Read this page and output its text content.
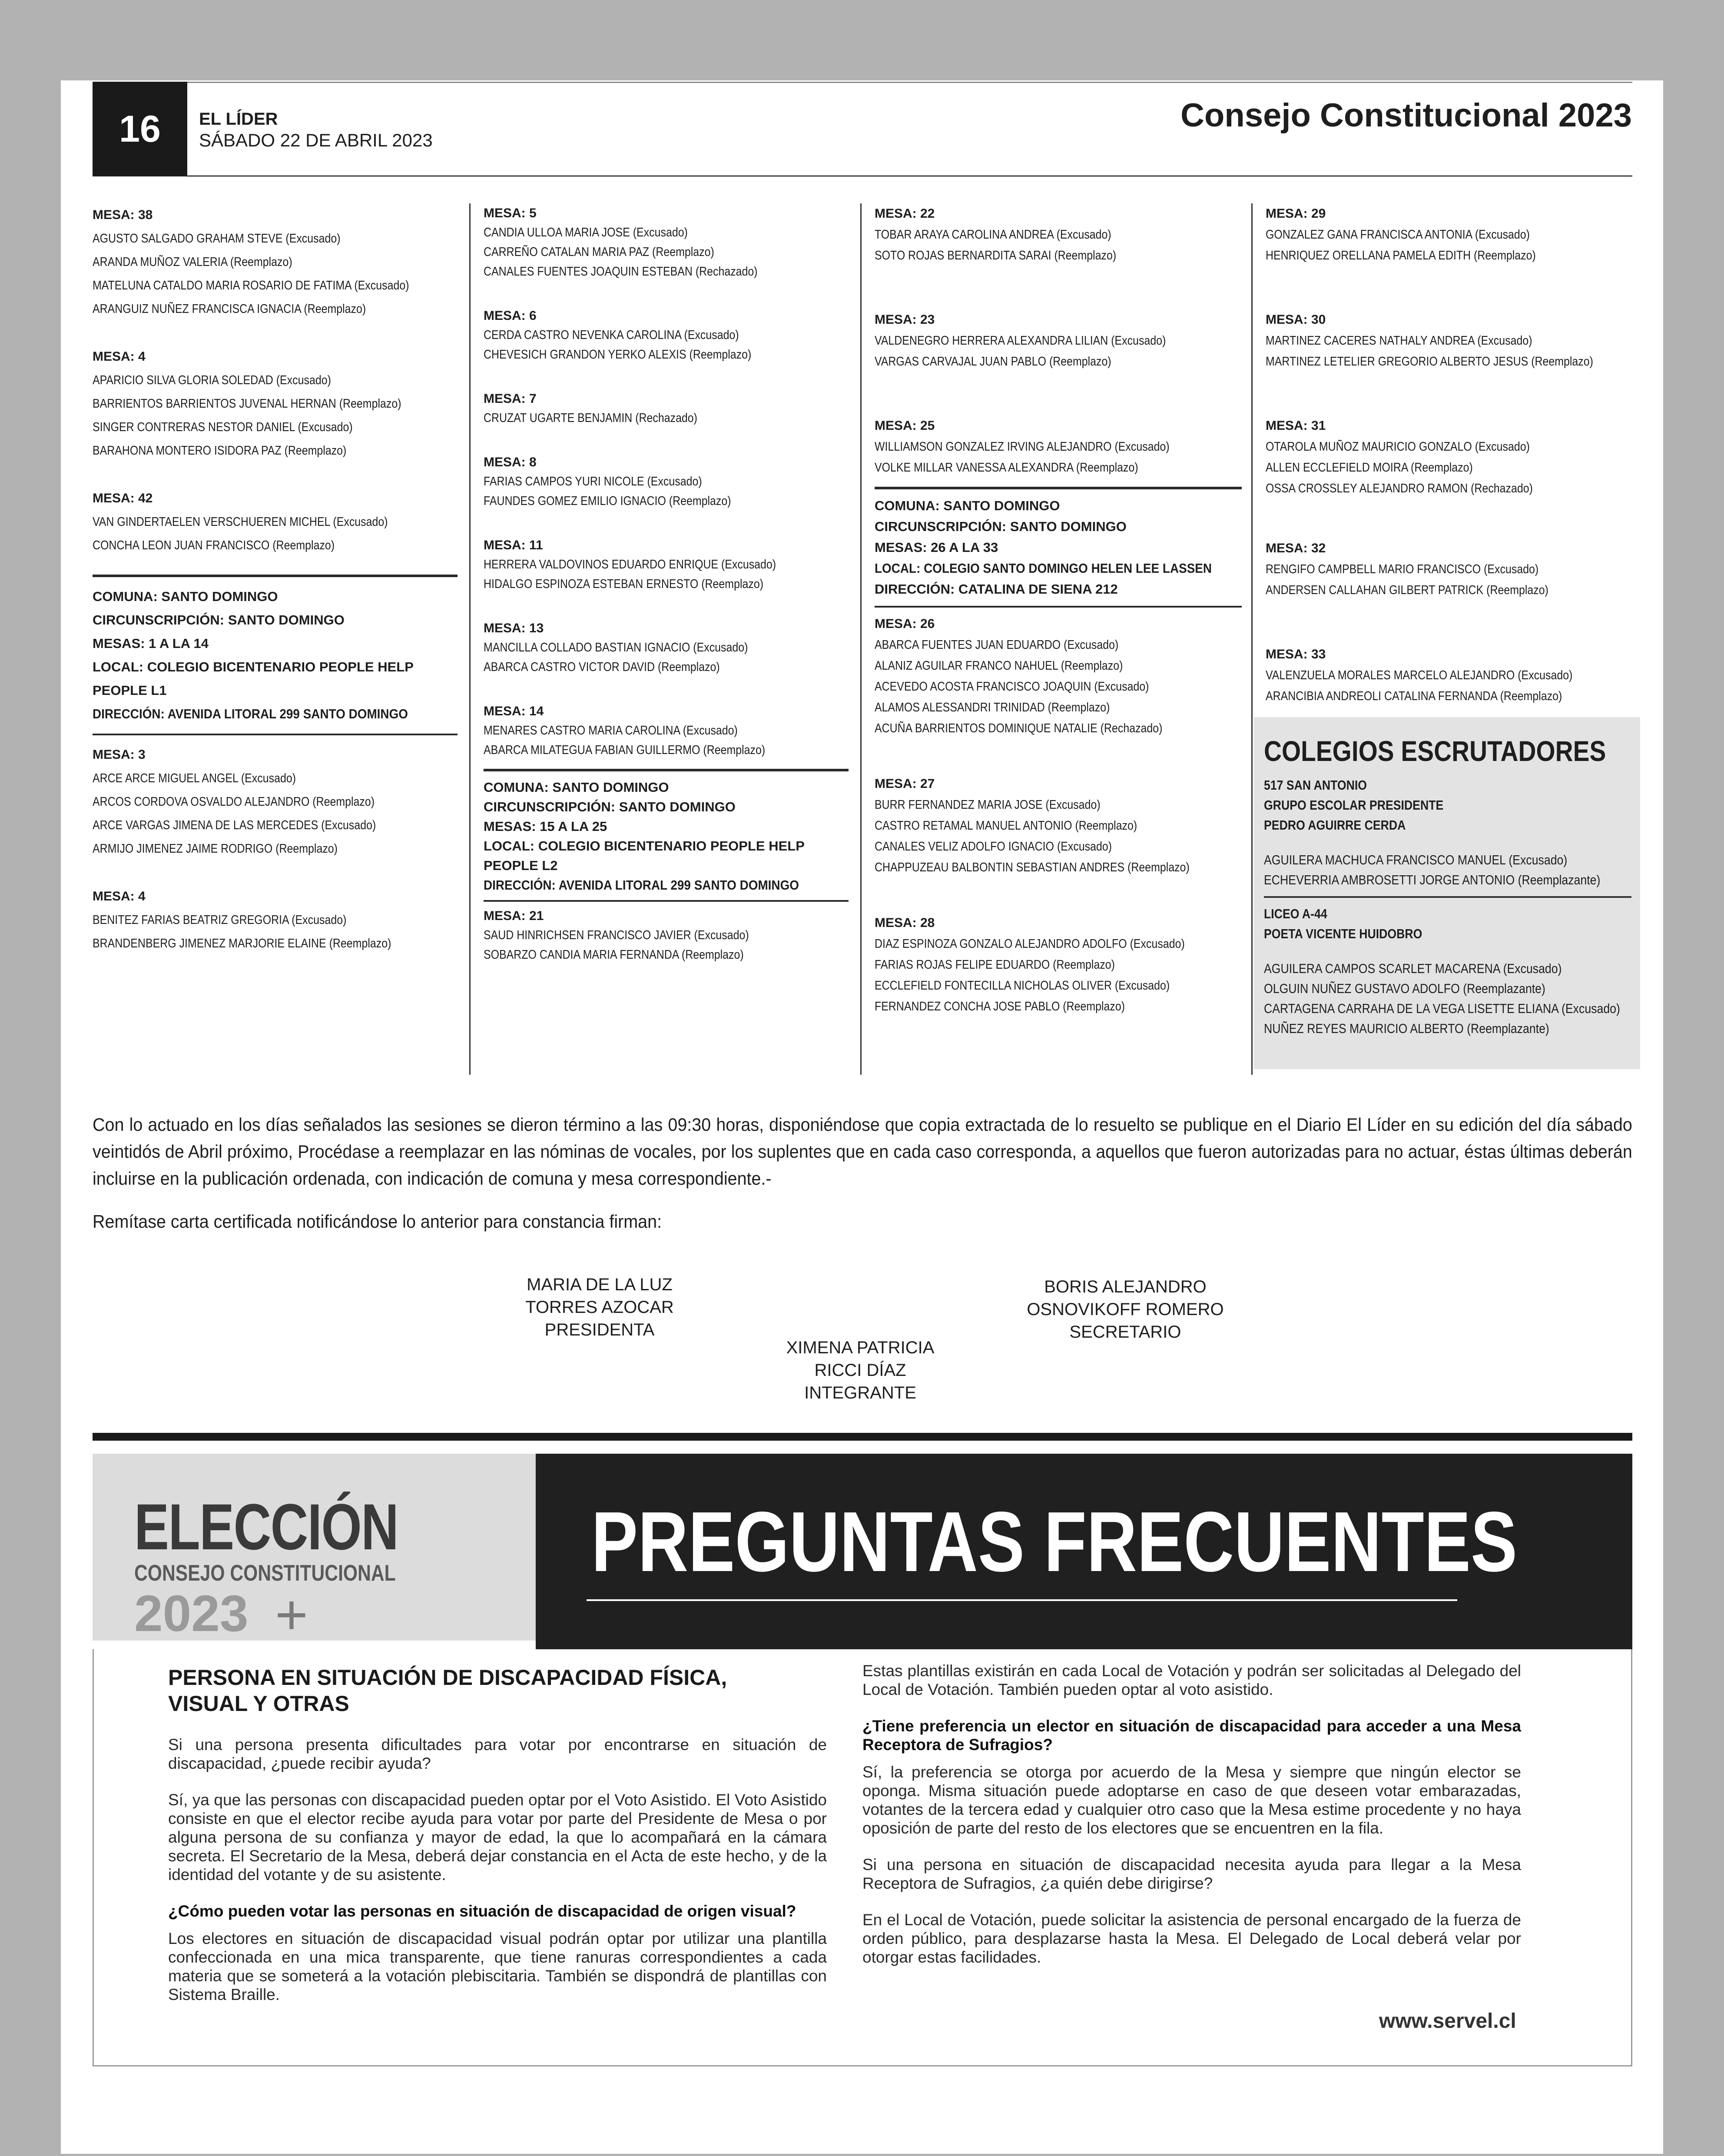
16	EL LÍDER
SÁBADO 22 DE ABRIL 2023
Consejo Constitucional 2023
MESA: 38
AGUSTO SALGADO GRAHAM STEVE (Excusado)
ARANDA MUÑOZ VALERIA (Reemplazo)
MATELUNA CATALDO MARIA ROSARIO DE FATIMA (Excusado)
ARANGUIZ NUÑEZ FRANCISCA IGNACIA (Reemplazo)
MESA: 4
APARICIO SILVA GLORIA SOLEDAD (Excusado)
BARRIENTOS BARRIENTOS JUVENAL HERNAN (Reemplazo)
SINGER CONTRERAS NESTOR DANIEL (Excusado)
BARAHONA MONTERO ISIDORA PAZ (Reemplazo)
MESA: 42
VAN GINDERTAELEN VERSCHUEREN MICHEL (Excusado)
CONCHA LEON JUAN FRANCISCO (Reemplazo)
COMUNA: SANTO DOMINGO
CIRCUNSCRIPCIÓN: SANTO DOMINGO
MESAS: 1 A LA 14
LOCAL: COLEGIO BICENTENARIO PEOPLE HELP
PEOPLE L1
DIRECCIÓN: AVENIDA LITORAL 299 SANTO DOMINGO
MESA: 3
ARCE ARCE MIGUEL ANGEL (Excusado)
ARCOS CORDOVA OSVALDO ALEJANDRO (Reemplazo)
ARCE VARGAS JIMENA DE LAS MERCEDES (Excusado)
ARMIJO JIMENEZ JAIME RODRIGO (Reemplazo)
MESA: 4
BENITEZ FARIAS BEATRIZ GREGORIA (Excusado)
BRANDENBERG JIMENEZ MARJORIE ELAINE (Reemplazo)
MESA: 5
CANDIA ULLOA MARIA JOSE (Excusado)
CARREÑO CATALAN MARIA PAZ (Reemplazo)
CANALES FUENTES JOAQUIN ESTEBAN (Rechazado)
MESA: 6
CERDA CASTRO NEVENKA CAROLINA (Excusado)
CHEVESICH GRANDON YERKO ALEXIS (Reemplazo)
MESA: 7
CRUZAT UGARTE BENJAMIN (Rechazado)
MESA: 8
FARIAS CAMPOS YURI NICOLE (Excusado)
FAUNDES GOMEZ EMILIO IGNACIO (Reemplazo)
MESA: 11
HERRERA VALDOVINOS EDUARDO ENRIQUE (Excusado)
HIDALGO ESPINOZA ESTEBAN ERNESTO (Reemplazo)
MESA: 13
MANCILLA COLLADO BASTIAN IGNACIO (Excusado)
ABARCA CASTRO VICTOR DAVID (Reemplazo)
MESA: 14
MENARES CASTRO MARIA CAROLINA (Excusado)
ABARCA MILATEGUA FABIAN GUILLERMO (Reemplazo)
COMUNA: SANTO DOMINGO
CIRCUNSCRIPCIÓN: SANTO DOMINGO
MESAS: 15 A LA 25
LOCAL: COLEGIO BICENTENARIO PEOPLE HELP
PEOPLE L2
DIRECCIÓN: AVENIDA LITORAL 299 SANTO DOMINGO
MESA: 21
SAUD HINRICHSEN FRANCISCO JAVIER (Excusado)
SOBARZO CANDIA MARIA FERNANDA (Reemplazo)
MESA: 22
TOBAR ARAYA CAROLINA ANDREA (Excusado)
SOTO ROJAS BERNARDITA SARAI (Reemplazo)
MESA: 23
VALDENEGRO HERRERA ALEXANDRA LILIAN (Excusado)
VARGAS CARVAJAL JUAN PABLO (Reemplazo)
MESA: 25
WILLIAMSON GONZALEZ IRVING ALEJANDRO (Excusado)
VOLKE MILLAR VANESSA ALEXANDRA (Reemplazo)
COMUNA: SANTO DOMINGO
CIRCUNSCRIPCIÓN: SANTO DOMINGO
MESAS: 26 A LA 33
LOCAL: COLEGIO SANTO DOMINGO HELEN LEE LASSEN
DIRECCIÓN: CATALINA DE SIENA 212
MESA: 26
ABARCA FUENTES JUAN EDUARDO (Excusado)
ALANIZ AGUILAR FRANCO NAHUEL (Reemplazo)
ACEVEDO ACOSTA FRANCISCO JOAQUIN (Excusado)
ALAMOS ALESSANDRI TRINIDAD (Reemplazo)
ACUÑA BARRIENTOS DOMINIQUE NATALIE (Rechazado)
MESA: 27
BURR FERNANDEZ MARIA JOSE (Excusado)
CASTRO RETAMAL MANUEL ANTONIO (Reemplazo)
CANALES VELIZ ADOLFO IGNACIO (Excusado)
CHAPPUZEAU BALBONTIN SEBASTIAN ANDRES (Reemplazo)
MESA: 28
DIAZ ESPINOZA GONZALO ALEJANDRO ADOLFO (Excusado)
FARIAS ROJAS FELIPE EDUARDO (Reemplazo)
ECCLEFIELD FONTECILLA NICHOLAS OLIVER (Excusado)
FERNANDEZ CONCHA JOSE PABLO (Reemplazo)
MESA: 29
GONZALEZ GANA FRANCISCA ANTONIA (Excusado)
HENRIQUEZ ORELLANA PAMELA EDITH (Reemplazo)
MESA: 30
MARTINEZ CACERES NATHALY ANDREA (Excusado)
MARTINEZ LETELIER GREGORIO ALBERTO JESUS (Reemplazo)
MESA: 31
OTAROLA MUÑOZ MAURICIO GONZALO (Excusado)
ALLEN ECCLEFIELD MOIRA (Reemplazo)
OSSA CROSSLEY ALEJANDRO RAMON (Rechazado)
MESA: 32
RENGIFO CAMPBELL MARIO FRANCISCO (Excusado)
ANDERSEN CALLAHAN GILBERT PATRICK (Reemplazo)
MESA: 33
VALENZUELA MORALES MARCELO ALEJANDRO (Excusado)
ARANCIBIA ANDREOLI CATALINA FERNANDA (Reemplazo)
COLEGIOS ESCRUTADORES
517 SAN ANTONIO
GRUPO ESCOLAR PRESIDENTE
PEDRO AGUIRRE CERDA
AGUILERA MACHUCA FRANCISCO MANUEL (Excusado)
ECHEVERRIA AMBROSETTI JORGE ANTONIO (Reemplazante)
LICEO A-44
POETA VICENTE HUIDOBRO
AGUILERA CAMPOS SCARLET MACARENA (Excusado)
OLGUIN NUÑEZ GUSTAVO ADOLFO (Reemplazante)
CARTAGENA CARRAHA DE LA VEGA LISETTE ELIANA (Excusado)
NUÑEZ REYES MAURICIO ALBERTO (Reemplazante)
Con lo actuado en los días señalados las sesiones se dieron término a las 09:30 horas, disponiéndose que copia extractada de lo resuelto se publique en el Diario El Líder en su edición del día sábado veintidós de Abril próximo, Procédase a reemplazar en las nóminas de vocales, por los suplentes que en cada caso corresponda, a aquellos que fueron autorizadas para no actuar, éstas últimas deberán incluirse en la publicación ordenada, con indicación de comuna y mesa correspondiente.-
Remítase carta certificada notificándose lo anterior para constancia firman:
MARIA DE LA LUZ
TORRES AZOCAR
PRESIDENTA
BORIS ALEJANDRO
OSNOVIKOFF ROMERO
SECRETARIO
XIMENA PATRICIA
RICCI DÍAZ
INTEGRANTE
ELECCIÓN
CONSEJO CONSTITUCIONAL
2023 +
PREGUNTAS FRECUENTES
PERSONA EN SITUACIÓN DE DISCAPACIDAD FÍSICA,
VISUAL Y OTRAS

Si una persona presenta dificultades para votar por encontrarse en situación de discapacidad, ¿puede recibir ayuda?

Sí, ya que las personas con discapacidad pueden optar por el Voto Asistido. El Voto Asistido consiste en que el elector recibe ayuda para votar por parte del Presidente de Mesa o por alguna persona de su confianza y mayor de edad, la que lo acompañará en la cámara secreta. El Secretario de la Mesa, deberá dejar constancia en el Acta de este hecho, y de la identidad del votante y de su asistente.

¿Cómo pueden votar las personas en situación de discapacidad de origen visual?

Los electores en situación de discapacidad visual podrán optar por utilizar una plantilla confeccionada en una mica transparente, que tiene ranuras correspondientes a cada materia que se someterá a la votación plebiscitaria. También se dispondrá de plantillas con Sistema Braille.

Estas plantillas existirán en cada Local de Votación y podrán ser solicitadas al Delegado del Local de Votación. También pueden optar al voto asistido.

¿Tiene preferencia un elector en situación de discapacidad para acceder a una Mesa Receptora de Sufragios?

Sí, la preferencia se otorga por acuerdo de la Mesa y siempre que ningún elector se oponga. Misma situación puede adoptarse en caso de que deseen votar embarazadas, votantes de la tercera edad y cualquier otro caso que la Mesa estime procedente y no haya oposición de parte del resto de los electores que se encuentren en la fila.

Si una persona en situación de discapacidad necesita ayuda para llegar a la Mesa Receptora de Sufragios, ¿a quién debe dirigirse?

En el Local de Votación, puede solicitar la asistencia de personal encargado de la fuerza de orden público, para desplazarse hasta la Mesa. El Delegado de Local deberá velar por otorgar estas facilidades.

www.servel.cl
